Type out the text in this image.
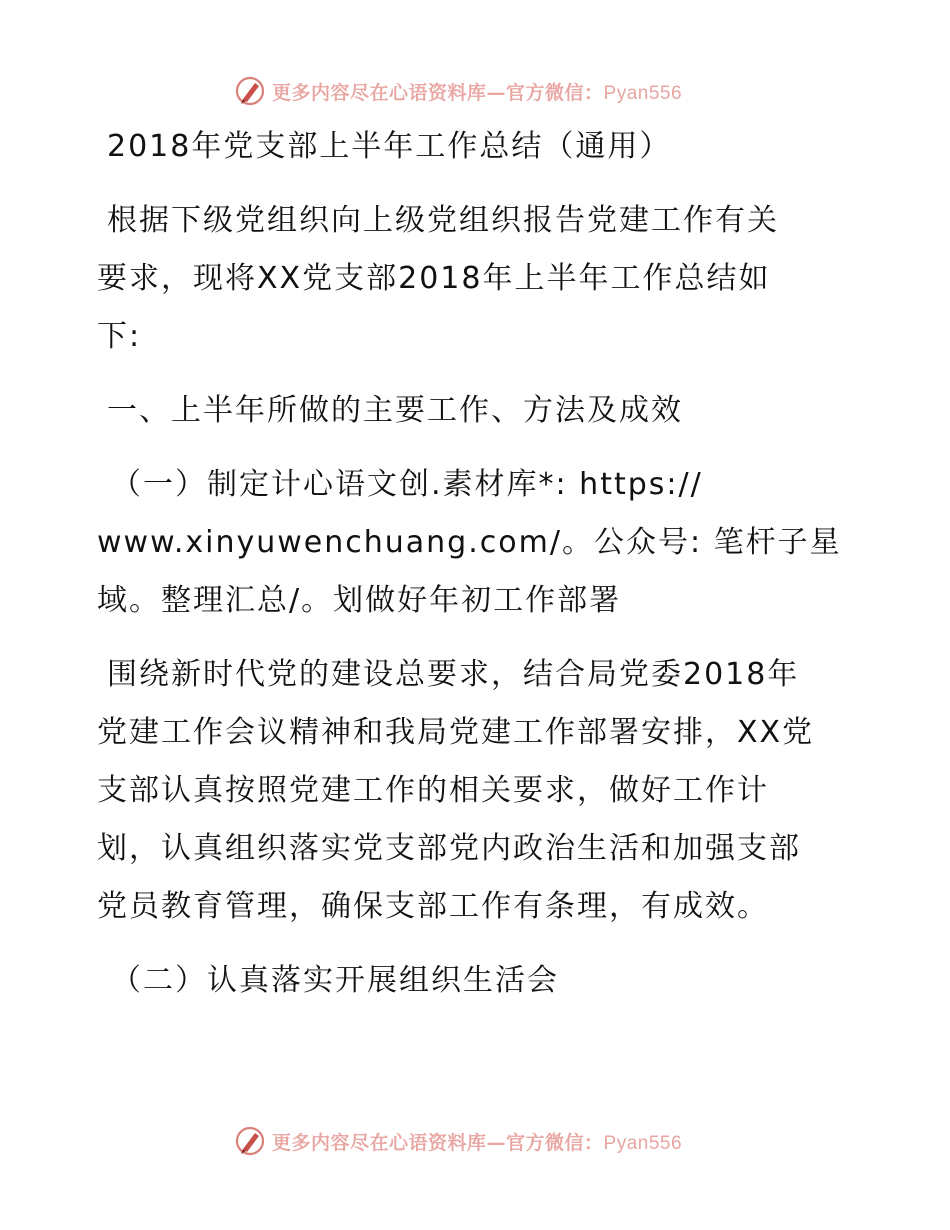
更多内容尽在心语资料库—官方微信：Pyan556
2018年党支部上半年工作总结（通用）
根据下级党组织向上级党组织报告党建工作有关
要求，现将XX党支部2018年上半年工作总结如
下:
一、上半年所做的主要工作、方法及成效
（一）制定计心语文创.素材库*: https://
www.xinyuwenchuang.com/。公众号: 笔杆子星
域。整理汇总/。划做好年初工作部署
围绕新时代党的建设总要求，结合局党委2018年
党建工作会议精神和我局党建工作部署安排，XX党
支部认真按照党建工作的相关要求，做好工作计
划，认真组织落实党支部党内政治生活和加强支部
党员教育管理，确保支部工作有条理，有成效。
（二）认真落实开展组织生活会
更多内容尽在心语资料库—官方微信：Pyan556
